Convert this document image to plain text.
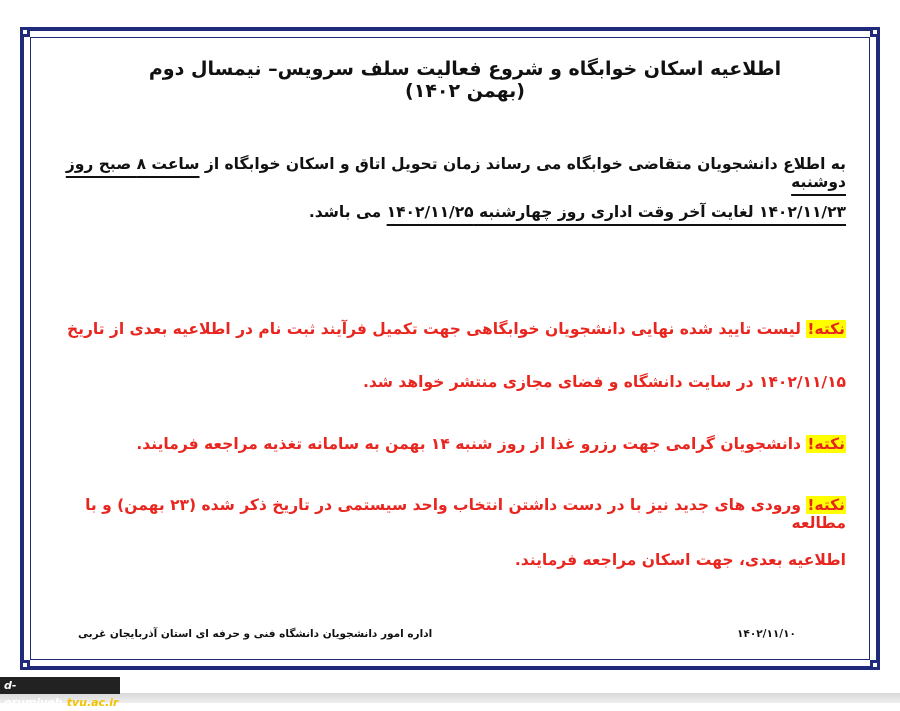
اطلاعیه اسکان خوابگاه و شروع فعالیت سلف سرویس– نیمسال دوم (بهمن ۱۴۰۲)
به اطلاع دانشجویان متقاضی خوابگاه می رساند زمان تحویل اتاق و اسکان خوابگاه از ساعت ۸ صبح روز دوشنبه
۱۴۰۲/۱۱/۲۳ لغایت آخر وقت اداری روز چهارشنبه ۱۴۰۲/۱۱/۲۵ می باشد.
نکته! لیست تایید شده نهایی دانشجویان خوابگاهی جهت تکمیل فرآیند ثبت نام در اطلاعیه بعدی از تاریخ
۱۴۰۲/۱۱/۱۵ در سایت دانشگاه و فضای مجازی منتشر خواهد شد.
نکته! دانشجویان گرامی جهت رزرو غذا از روز شنبه ۱۴ بهمن به سامانه تغذیه مراجعه فرمایند.
نکته! ورودی های جدید نیز با در دست داشتن انتخاب واحد سیستمی در تاریخ ذکر شده (۲۳ بهمن) و با مطالعه
اطلاعیه بعدی، جهت اسکان مراجعه فرمایند.
اداره امور دانشجویان دانشگاه فنی و حرفه ای استان آذربایجان غربی	۱۴۰۲/۱۱/۱۰
d-orumiyeh.tvu.ac.ir
